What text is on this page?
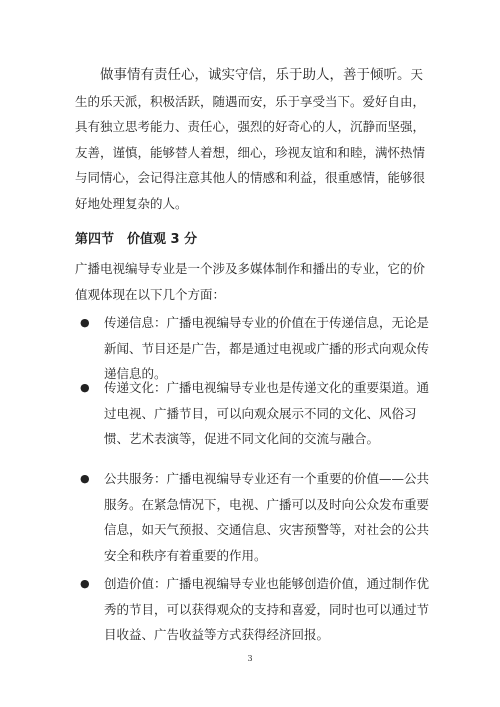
做事情有责任心，诚实守信，乐于助人，善于倾听。天生的乐天派，积极活跃，随遇而安，乐于享受当下。爱好自由，具有独立思考能力、责任心，强烈的好奇心的人，沉静而坚强，友善，谨慎，能够替人着想，细心，珍视友谊和和睦，满怀热情与同情心，会记得注意其他人的情感和利益，很重感情，能够很好地处理复杂的人。

第四节　价值观 3 分

广播电视编导专业是一个涉及多媒体制作和播出的专业，它的价值观体现在以下几个方面：

● 传递信息：广播电视编导专业的价值在于传递信息，无论是新闻、节目还是广告，都是通过电视或广播的形式向观众传递信息的。
● 传递文化：广播电视编导专业也是传递文化的重要渠道。通过电视、广播节目，可以向观众展示不同的文化、风俗习惯、艺术表演等，促进不同文化间的交流与融合。
● 公共服务：广播电视编导专业还有一个重要的价值——公共服务。在紧急情况下，电视、广播可以及时向公众发布重要信息，如天气预报、交通信息、灾害预警等，对社会的公共安全和秩序有着重要的作用。
● 创造价值：广播电视编导专业也能够创造价值，通过制作优秀的节目，可以获得观众的支持和喜爱，同时也可以通过节目收益、广告收益等方式获得经济回报。
3
